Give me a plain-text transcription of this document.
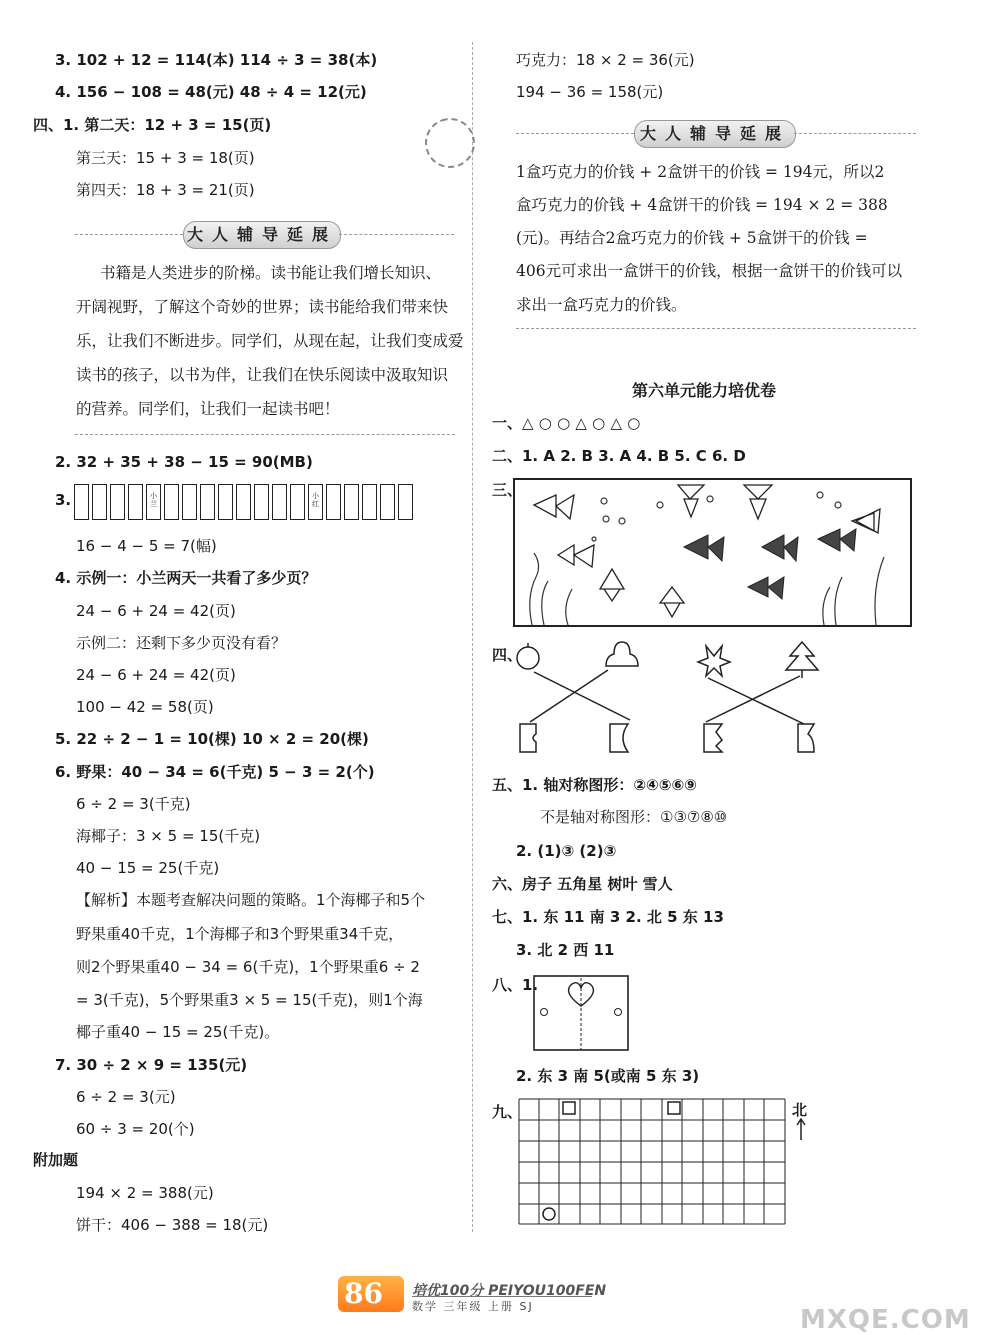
3. 102 + 12 = 114(本) 114 ÷ 3 = 38(本)
4. 156 − 108 = 48(元) 48 ÷ 4 = 12(元)
四、1. 第二天：12 + 3 = 15(页)
第三天：15 + 3 = 18(页)
第四天：18 + 3 = 21(页)
大人辅导延展
书籍是人类进步的阶梯。读书能让我们增长知识、
开阔视野，了解这个奇妙的世界；读书能给我们带来快
乐，让我们不断进步。同学们，从现在起，让我们变成爱
读书的孩子，以书为伴，让我们在快乐阅读中汲取知识
的营养。同学们，让我们一起读书吧！
2. 32 + 35 + 38 − 15 = 90(MB)
3.	小兰
小红
16 − 4 − 5 = 7(幅)
4. 示例一：小兰两天一共看了多少页？
24 − 6 + 24 = 42(页)
示例二：还剩下多少页没有看？
24 − 6 + 24 = 42(页)
100 − 42 = 58(页)
5. 22 ÷ 2 − 1 = 10(棵) 10 × 2 = 20(棵)
6. 野果：40 − 34 = 6(千克) 5 − 3 = 2(个)
6 ÷ 2 = 3(千克)
海椰子：3 × 5 = 15(千克)
40 − 15 = 25(千克)
【解析】本题考查解决问题的策略。1个海椰子和5个
野果重40千克，1个海椰子和3个野果重34千克，
则2个野果重40 − 34 = 6(千克)，1个野果重6 ÷ 2
= 3(千克)，5个野果重3 × 5 = 15(千克)，则1个海
椰子重40 − 15 = 25(千克)。
7. 30 ÷ 2 × 9 = 135(元)
6 ÷ 2 = 3(元)
60 ÷ 3 = 20(个)
附加题
194 × 2 = 388(元)
饼干：406 − 388 = 18(元)
巧克力：18 × 2 = 36(元)
194 − 36 = 158(元)
大人辅导延展
1盒巧克力的价钱 + 2盒饼干的价钱 = 194元，所以2
盒巧克力的价钱 + 4盒饼干的价钱 = 194 × 2 = 388
(元)。再结合2盒巧克力的价钱 + 5盒饼干的价钱 =
406元可求出一盒饼干的价钱，根据一盒饼干的价钱可以
求出一盒巧克力的价钱。
第六单元能力培优卷
一、△ ○ ○ △ ○ △ ○
二、1. A 2. B 3. A 4. B 5. C 6. D
三、
四、
五、1. 轴对称图形：②④⑤⑥⑨
不是轴对称图形：①③⑦⑧⑩
2. (1)③ (2)③
六、房子 五角星 树叶 雪人
七、1. 东 11 南 3 2. 北 5 东 13
3. 北 2 西 11
八、1.
2. 东 3 南 5(或南 5 东 3)
九、	北
86 培优100分 PEIYOU100FEN
数学 三年级 上册 SJ	MXQE.COM
